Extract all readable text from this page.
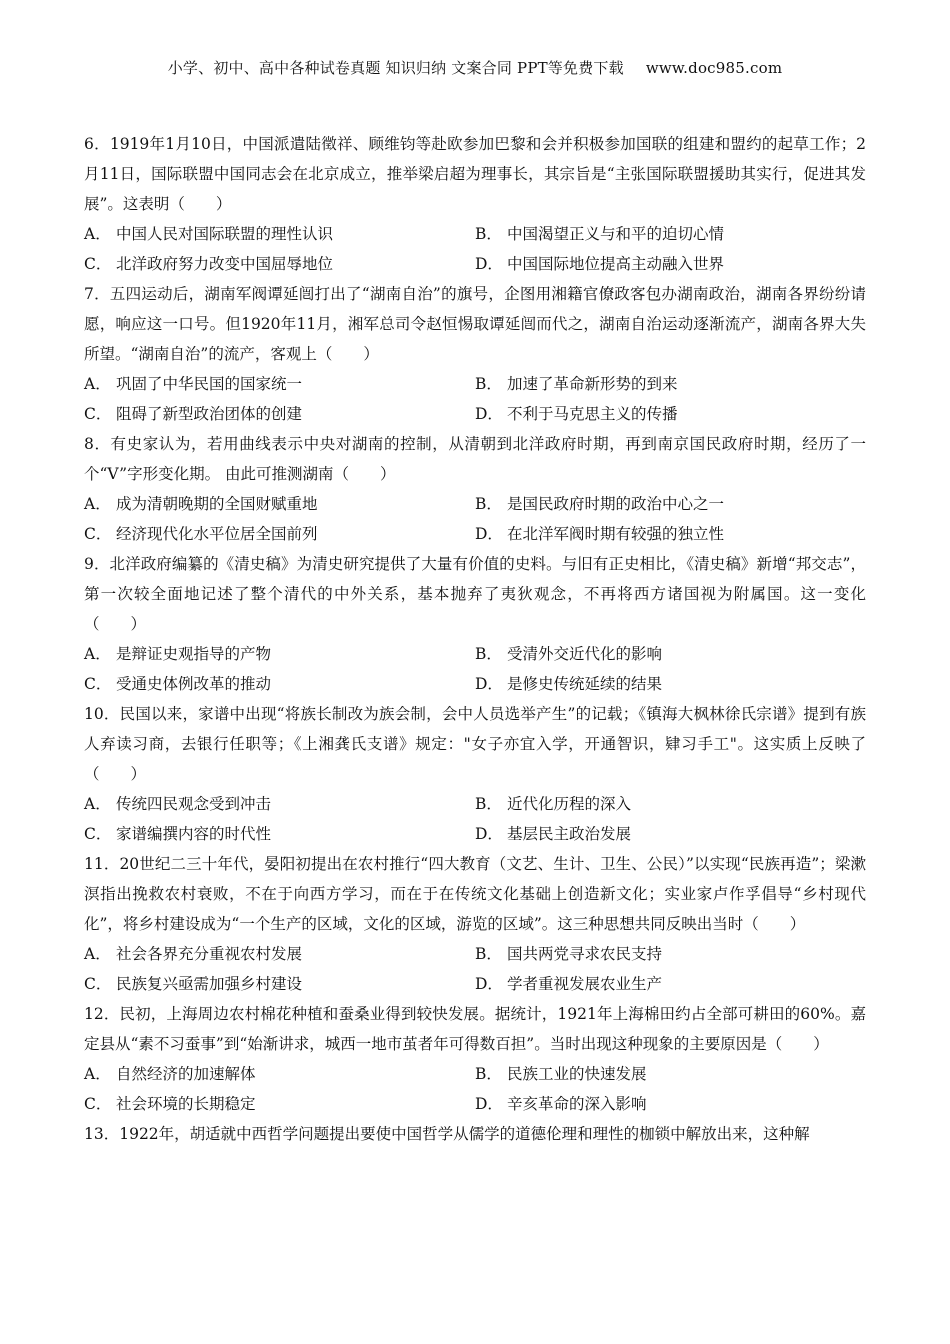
小学、初中、高中各种试卷真题 知识归纳 文案合同 PPT等免费下载 www.doc985.com
6．1919年1月10日，中国派遣陆徵祥、顾维钧等赴欧参加巴黎和会并积极参加国联的组建和盟约的起草工作；2月11日，国际联盟中国同志会在北京成立，推举梁启超为理事长，其宗旨是“主张国际联盟援助其实行，促进其发展”。这表明（　　）
A． 中国人民对国际联盟的理性认识	B． 中国渴望正义与和平的迫切心情
C． 北洋政府努力改变中国屈辱地位	D． 中国国际地位提高主动融入世界
7．五四运动后，湖南军阀谭延闿打出了“湖南自治”的旗号，企图用湘籍官僚政客包办湖南政治，湖南各界纷纷请愿，响应这一口号。但1920年11月，湘军总司令赵恒惕取谭延闿而代之，湖南自治运动逐渐流产，湖南各界大失所望。“湖南自治”的流产，客观上（　　）
A． 巩固了中华民国的国家统一	B． 加速了革命新形势的到来
C． 阻碍了新型政治团体的创建	D． 不利于马克思主义的传播
8．有史家认为，若用曲线表示中央对湖南的控制，从清朝到北洋政府时期，再到南京国民政府时期，经历了一个“V”字形变化期。 由此可推测湖南（　　）
A． 成为清朝晚期的全国财赋重地	B． 是国民政府时期的政治中心之一
C． 经济现代化水平位居全国前列	D． 在北洋军阀时期有较强的独立性
9．北洋政府编纂的《清史稿》为清史研究提供了大量有价值的史料。与旧有正史相比，《清史稿》新增“邦交志”，第一次较全面地记述了整个清代的中外关系，基本抛弃了夷狄观念，不再将西方诸国视为附属国。这一变化（　　）
A． 是辩证史观指导的产物	B． 受清外交近代化的影响
C． 受通史体例改革的推动	D． 是修史传统延续的结果
10．民国以来，家谱中出现“将族长制改为族会制，会中人员选举产生”的记载；《镇海大枫林徐氏宗谱》提到有族人弃读习商，去银行任职等；《上湘龚氏支谱》规定："女子亦宜入学，开通智识，肄习手工"。这实质上反映了（　　）
A． 传统四民观念受到冲击	B． 近代化历程的深入
C． 家谱编撰内容的时代性	D． 基层民主政治发展
11．20世纪二三十年代，晏阳初提出在农村推行“四大教育（文艺、生计、卫生、公民）”以实现“民族再造”；梁漱溟指出挽救农村衰败，不在于向西方学习，而在于在传统文化基础上创造新文化；实业家卢作孚倡导“乡村现代化”，将乡村建设成为“一个生产的区域，文化的区域，游览的区域”。这三种思想共同反映出当时（　　）
A． 社会各界充分重视农村发展	B． 国共两党寻求农民支持
C． 民族复兴亟需加强乡村建设	D． 学者重视发展农业生产
12．民初，上海周边农村棉花种植和蚕桑业得到较快发展。据统计，1921年上海棉田约占全部可耕田的60%。嘉定县从“素不习蚕事”到“始渐讲求，城西一地市茧者年可得数百担”。当时出现这种现象的主要原因是（　　）
A． 自然经济的加速解体	B． 民族工业的快速发展
C． 社会环境的长期稳定	D． 辛亥革命的深入影响
13．1922年，胡适就中西哲学问题提出要使中国哲学从儒学的道德伦理和理性的枷锁中解放出来，这种解
